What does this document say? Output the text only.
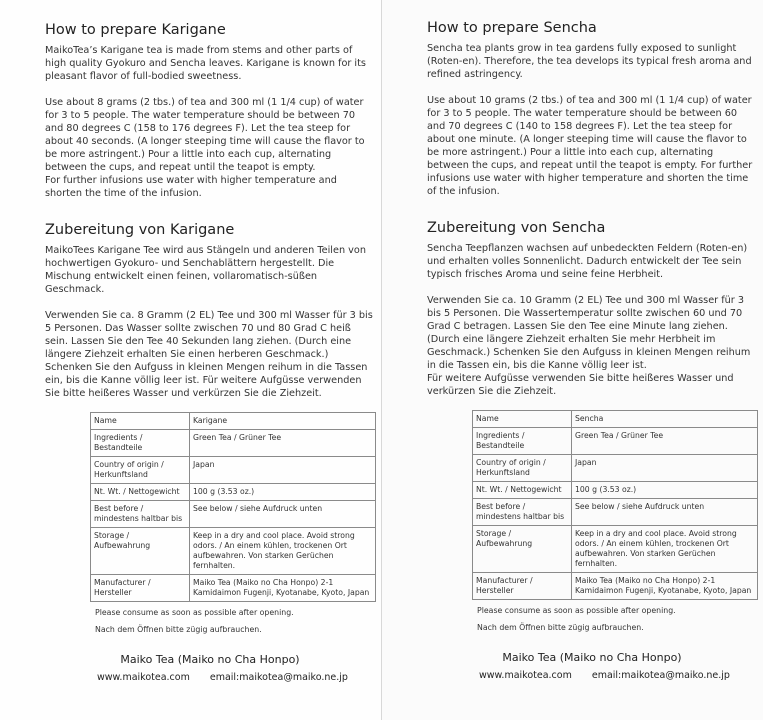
How to prepare Karigane

MaikoTea’s Karigane tea is made from stems and other parts of high quality Gyokuro and Sencha leaves. Karigane is known for its pleasant flavor of full-bodied sweetness.

Use about 8 grams (2 tbs.) of tea and 300 ml (1 1/4 cup) of water for 3 to 5 people. The water temperature should be between 70 and 80 degrees C (158 to 176 degrees F). Let the tea steep for about 40 seconds. (A longer steeping time will cause the flavor to be more astringent.) Pour a little into each cup, alternating between the cups, and repeat until the teapot is empty.

For further infusions use water with higher temperature and shorten the time of the infusion.

Zubereitung von Karigane

MaikoTees Karigane Tee wird aus Stängeln und anderen Teilen von hochwertigen Gyokuro- und Senchablättern hergestellt. Die Mischung entwickelt einen feinen, vollaromatisch-süßen Geschmack.

Verwenden Sie ca. 8 Gramm (2 EL) Tee und 300 ml Wasser für 3 bis 5 Personen. Das Wasser sollte zwischen 70 und 80 Grad C heiß sein. Lassen Sie den Tee 40 Sekunden lang ziehen. (Durch eine längere Ziehzeit erhalten Sie einen herberen Geschmack.) Schenken Sie den Aufguss in kleinen Mengen reihum in die Tassen ein, bis die Kanne völlig leer ist. Für weitere Aufgüsse verwenden Sie bitte heißeres Wasser und verkürzen Sie die Ziehzeit.

Name	Karigane
Ingredients / Bestandteile	Green Tea / Grüner Tee
Country of origin / Herkunftsland	Japan
Nt. Wt. / Nettogewicht	100 g (3.53 oz.)
Best before / mindestens haltbar bis	See below / siehe Aufdruck unten
Storage / Aufbewahrung	Keep in a dry and cool place. Avoid strong odors. / An einem kühlen, trockenen Ort aufbewahren. Von starken Gerüchen fernhalten.
Manufacturer / Hersteller	Maiko Tea (Maiko no Cha Honpo) 2-1 Kamidaimon Fugenji, Kyotanabe, Kyoto, Japan
Please consume as soon as possible after opening.
Nach dem Öffnen bitte zügig aufbrauchen.
Maiko Tea (Maiko no Cha Honpo)
www.maikotea.com email:maikotea@maiko.ne.jp
How to prepare Sencha

Sencha tea plants grow in tea gardens fully exposed to sunlight (Roten-en). Therefore, the tea develops its typical fresh aroma and refined astringency.

Use about 10 grams (2 tbs.) of tea and 300 ml (1 1/4 cup) of water for 3 to 5 people. The water temperature should be between 60 and 70 degrees C (140 to 158 degrees F). Let the tea steep for about one minute. (A longer steeping time will cause the flavor to be more astringent.) Pour a little into each cup, alternating between the cups, and repeat until the teapot is empty. For further infusions use water with higher temperature and shorten the time of the infusion.

Zubereitung von Sencha

Sencha Teepflanzen wachsen auf unbedeckten Feldern (Roten-en) und erhalten volles Sonnenlicht. Dadurch entwickelt der Tee sein typisch frisches Aroma und seine feine Herbheit.

Verwenden Sie ca. 10 Gramm (2 EL) Tee und 300 ml Wasser für 3 bis 5 Personen. Die Wassertemperatur sollte zwischen 60 und 70 Grad C betragen. Lassen Sie den Tee eine Minute lang ziehen. (Durch eine längere Ziehzeit erhalten Sie mehr Herbheit im Geschmack.) Schenken Sie den Aufguss in kleinen Mengen reihum in die Tassen ein, bis die Kanne völlig leer ist.

Für weitere Aufgüsse verwenden Sie bitte heißeres Wasser und verkürzen Sie die Ziehzeit.

Name	Sencha
Ingredients / Bestandteile	Green Tea / Grüner Tee
Country of origin / Herkunftsland	Japan
Nt. Wt. / Nettogewicht	100 g (3.53 oz.)
Best before / mindestens haltbar bis	See below / siehe Aufdruck unten
Storage / Aufbewahrung	Keep in a dry and cool place. Avoid strong odors. / An einem kühlen, trockenen Ort aufbewahren. Von starken Gerüchen fernhalten.
Manufacturer / Hersteller	Maiko Tea (Maiko no Cha Honpo) 2-1 Kamidaimon Fugenji, Kyotanabe, Kyoto, Japan
Please consume as soon as possible after opening.
Nach dem Öffnen bitte zügig aufbrauchen.
Maiko Tea (Maiko no Cha Honpo)
www.maikotea.com email:maikotea@maiko.ne.jp
